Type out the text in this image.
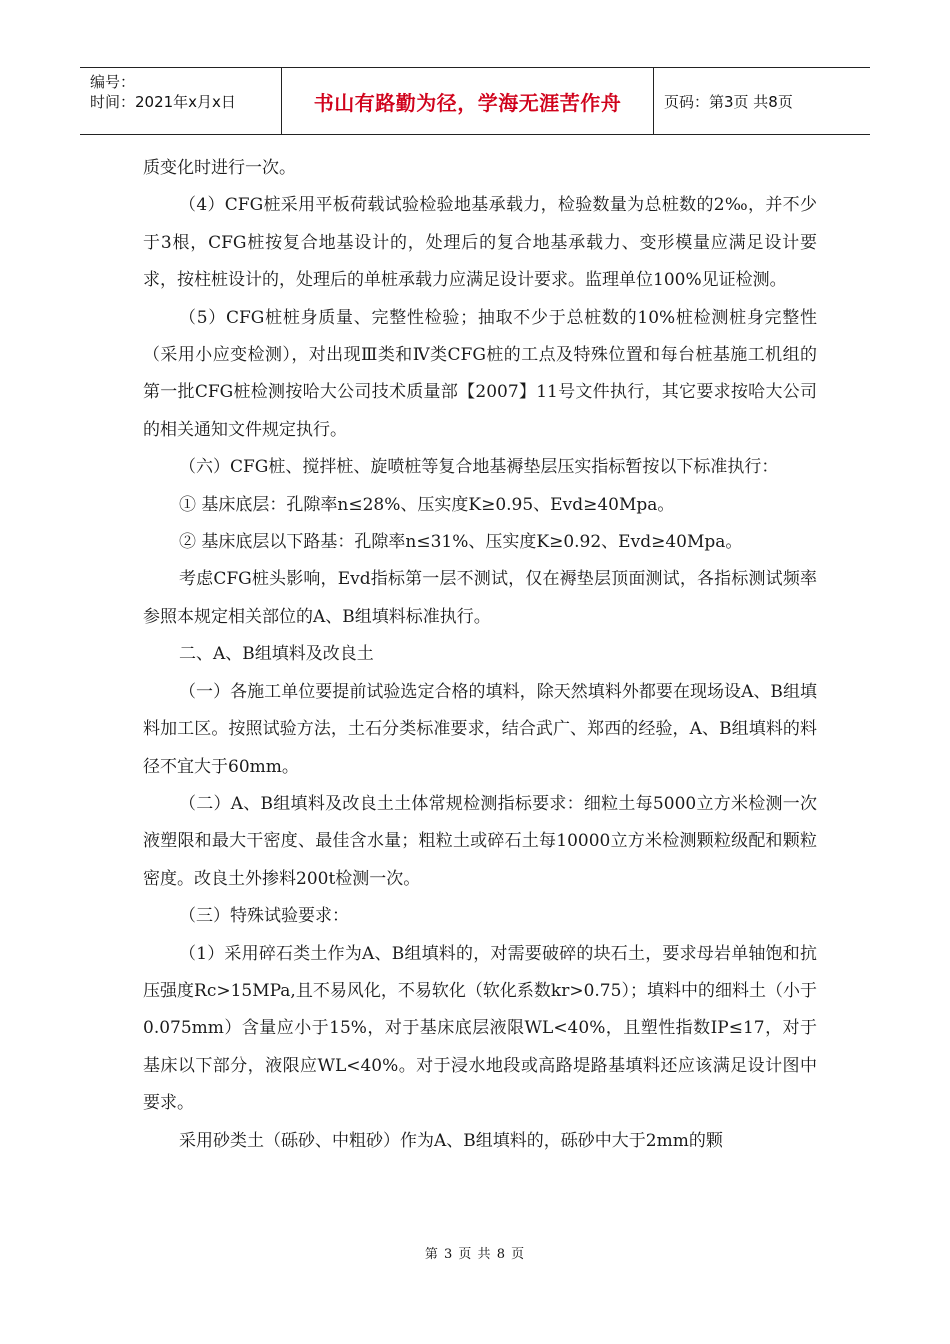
编号：
时间：2021年x月x日	书山有路勤为径，学海无涯苦作舟	页码：第3页 共8页

质变化时进行一次。

（4）CFG桩采用平板荷载试验检验地基承载力，检验数量为总桩数的2‰，并不少于3根，CFG桩按复合地基设计的，处理后的复合地基承载力、变形模量应满足设计要求，按柱桩设计的，处理后的单桩承载力应满足设计要求。监理单位100%见证检测。

（5）CFG桩桩身质量、完整性检验；抽取不少于总桩数的10%桩检测桩身完整性（采用小应变检测），对出现Ⅲ类和Ⅳ类CFG桩的工点及特殊位置和每台桩基施工机组的第一批CFG桩检测按哈大公司技术质量部【2007】11号文件执行，其它要求按哈大公司的相关通知文件规定执行。

（六）CFG桩、搅拌桩、旋喷桩等复合地基褥垫层压实指标暂按以下标准执行：

① 基床底层：孔隙率n≤28%、压实度K≥0.95、Evd≥40Mpa。

② 基床底层以下路基：孔隙率n≤31%、压实度K≥0.92、Evd≥40Mpa。

考虑CFG桩头影响，Evd指标第一层不测试，仅在褥垫层顶面测试，各指标测试频率参照本规定相关部位的A、B组填料标准执行。

二、A、B组填料及改良土

（一）各施工单位要提前试验选定合格的填料，除天然填料外都要在现场设A、B组填料加工区。按照试验方法，土石分类标准要求，结合武广、郑西的经验，A、B组填料的料径不宜大于60mm。

（二）A、B组填料及改良土土体常规检测指标要求：细粒土每5000立方米检测一次液塑限和最大干密度、最佳含水量；粗粒土或碎石土每10000立方米检测颗粒级配和颗粒密度。改良土外掺料200t检测一次。

（三）特殊试验要求：

（1）采用碎石类土作为A、B组填料的，对需要破碎的块石土，要求母岩单轴饱和抗压强度Rc>15MPa,且不易风化，不易软化（软化系数kr>0.75）；填料中的细料土（小于0.075mm）含量应小于15%，对于基床底层液限WL<40%，且塑性指数IP≤17，对于基床以下部分，液限应WL<40%。对于浸水地段或高路堤路基填料还应该满足设计图中要求。

采用砂类土（砾砂、中粗砂）作为A、B组填料的，砾砂中大于2mm的颗

第 3 页 共 8 页
